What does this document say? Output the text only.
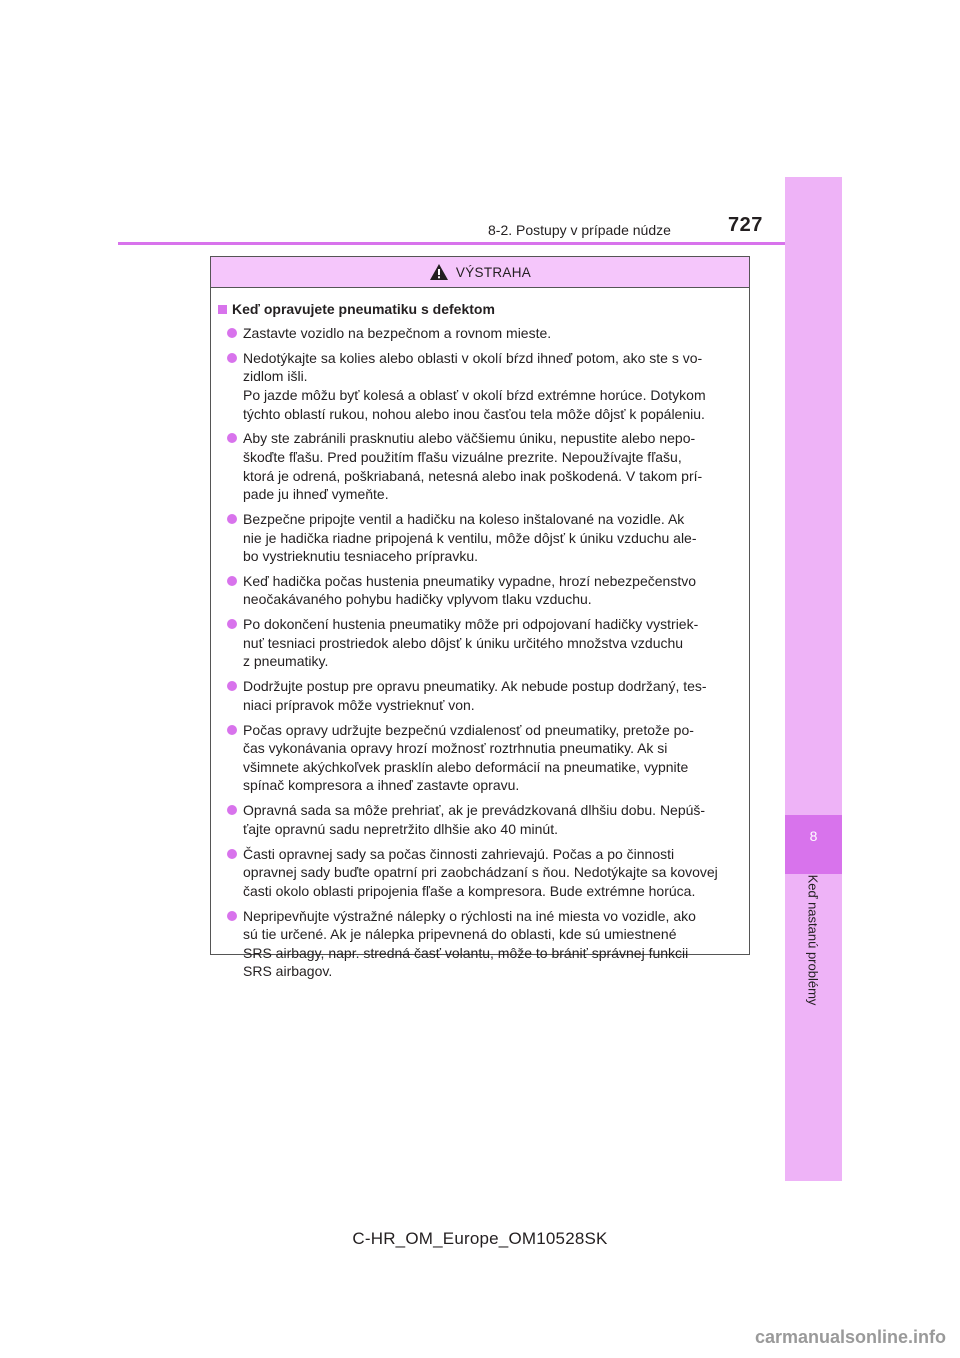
8
Keď nastanú problémy
8-2. Postupy v prípade núdze	727
VÝSTRAHA
Keď opravujete pneumatiku s defektom
Zastavte vozidlo na bezpečnom a rovnom mieste.
Nedotýkajte sa kolies alebo oblasti v okolí bŕzd ihneď potom, ako ste s vo-
zidlom išli.
Po jazde môžu byť kolesá a oblasť v okolí bŕzd extrémne horúce. Dotykom
týchto oblastí rukou, nohou alebo inou časťou tela môže dôjsť k popáleniu.
Aby ste zabránili prasknutiu alebo väčšiemu úniku, nepustite alebo nepo-
škoďte fľašu. Pred použitím fľašu vizuálne prezrite. Nepoužívajte fľašu,
ktorá je odrená, poškriabaná, netesná alebo inak poškodená. V takom prí-
pade ju ihneď vymeňte.
Bezpečne pripojte ventil a hadičku na koleso inštalované na vozidle. Ak
nie je hadička riadne pripojená k ventilu, môže dôjsť k úniku vzduchu ale-
bo vystrieknutiu tesniaceho prípravku.
Keď hadička počas hustenia pneumatiky vypadne, hrozí nebezpečenstvo
neočakávaného pohybu hadičky vplyvom tlaku vzduchu.
Po dokončení hustenia pneumatiky môže pri odpojovaní hadičky vystriek-
nuť tesniaci prostriedok alebo dôjsť k úniku určitého množstva vzduchu
z pneumatiky.
Dodržujte postup pre opravu pneumatiky. Ak nebude postup dodržaný, tes-
niaci prípravok môže vystrieknuť von.
Počas opravy udržujte bezpečnú vzdialenosť od pneumatiky, pretože po-
čas vykonávania opravy hrozí možnosť roztrhnutia pneumatiky. Ak si
všimnete akýchkoľvek prasklín alebo deformácií na pneumatike, vypnite
spínač kompresora a ihneď zastavte opravu.
Opravná sada sa môže prehriať, ak je prevádzkovaná dlhšiu dobu. Nepúš-
ťajte opravnú sadu nepretržito dlhšie ako 40 minút.
Časti opravnej sady sa počas činnosti zahrievajú. Počas a po činnosti
opravnej sady buďte opatrní pri zaobchádzaní s ňou. Nedotýkajte sa kovovej
časti okolo oblasti pripojenia fľaše a kompresora. Bude extrémne horúca.
Nepripevňujte výstražné nálepky o rýchlosti na iné miesta vo vozidle, ako
sú tie určené. Ak je nálepka pripevnená do oblasti, kde sú umiestnené
SRS airbagy, napr. stredná časť volantu, môže to brániť správnej funkcii
SRS airbagov.
C-HR_OM_Europe_OM10528SK
carmanualsonline.info
